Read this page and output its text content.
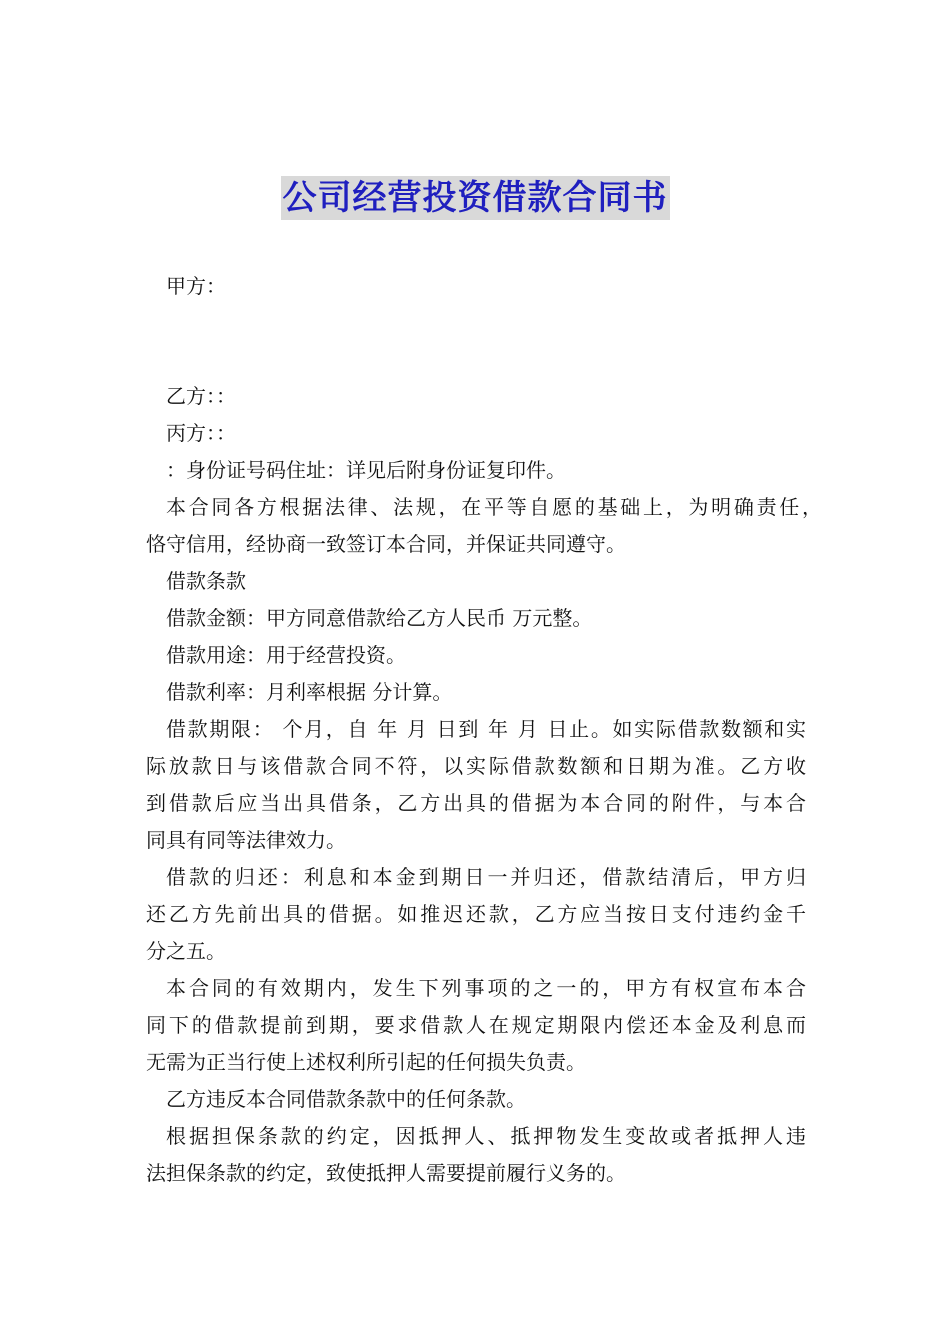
公司经营投资借款合同书
甲方：
乙方：：
丙方：：
：身份证号码住址：详见后附身份证复印件。
本合同各方根据法律、法规，在平等自愿的基础上，为明确责任，
恪守信用，经协商一致签订本合同，并保证共同遵守。
借款条款
借款金额：甲方同意借款给乙方人民币 万元整。
借款用途：用于经营投资。
借款利率：月利率根据 分计算。
借款期限： 个月，自 年 月 日到 年 月 日止。如实际借款数额和实
际放款日与该借款合同不符，以实际借款数额和日期为准。乙方收
到借款后应当出具借条，乙方出具的借据为本合同的附件，与本合
同具有同等法律效力。
借款的归还：利息和本金到期日一并归还，借款结清后，甲方归
还乙方先前出具的借据。如推迟还款，乙方应当按日支付违约金千
分之五。
本合同的有效期内，发生下列事项的之一的，甲方有权宣布本合
同下的借款提前到期，要求借款人在规定期限内偿还本金及利息而
无需为正当行使上述权利所引起的任何损失负责。
乙方违反本合同借款条款中的任何条款。
根据担保条款的约定，因抵押人、抵押物发生变故或者抵押人违
法担保条款的约定，致使抵押人需要提前履行义务的。
